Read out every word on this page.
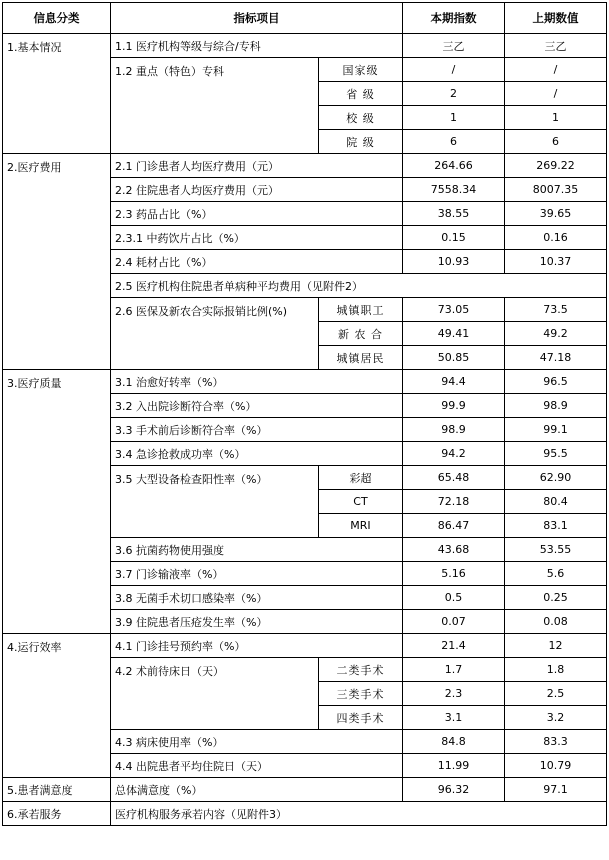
信息分类	指标项目		本期指数	上期数值
1.基本情况	1.1 医疗机构等级与综合/专科		三乙	三乙
	1.2 重点（特色）专科	国家级	/	/
		省 级	2	/
		校 级	1	1
		院 级	6	6
2.医疗费用	2.1 门诊患者人均医疗费用（元）		264.66	269.22
	2.2 住院患者人均医疗费用（元）		7558.34	8007.35
	2.3 药品占比（%）		38.55	39.65
	2.3.1 中药饮片占比（%）		0.15	0.16
	2.4 耗材占比（%）		10.93	10.37
	2.5 医疗机构住院患者单病种平均费用（见附件2）			
	2.6 医保及新农合实际报销比例(%)	城镇职工	73.05	73.5
		新 农 合	49.41	49.2
		城镇居民	50.85	47.18
3.医疗质量	3.1 治愈好转率（%）		94.4	96.5
	3.2 入出院诊断符合率（%）		99.9	98.9
	3.3 手术前后诊断符合率（%）		98.9	99.1
	3.4 急诊抢救成功率（%）		94.2	95.5
	3.5 大型设备检查阳性率（%）	彩超	65.48	62.90
		CT	72.18	80.4
		MRI	86.47	83.1
	3.6 抗菌药物使用强度		43.68	53.55
	3.7 门诊输液率（%）		5.16	5.6
	3.8 无菌手术切口感染率（%）		0.5	0.25
	3.9 住院患者压疮发生率（%）		0.07	0.08
4.运行效率	4.1 门诊挂号预约率（%）		21.4	12
	4.2 术前待床日（天）	二类手术	1.7	1.8
		三类手术	2.3	2.5
		四类手术	3.1	3.2
	4.3 病床使用率（%）		84.8	83.3
	4.4 出院患者平均住院日（天）		11.99	10.79
5.患者满意度	总体满意度（%）		96.32	97.1
6.承若服务	医疗机构服务承若内容（见附件3）			
